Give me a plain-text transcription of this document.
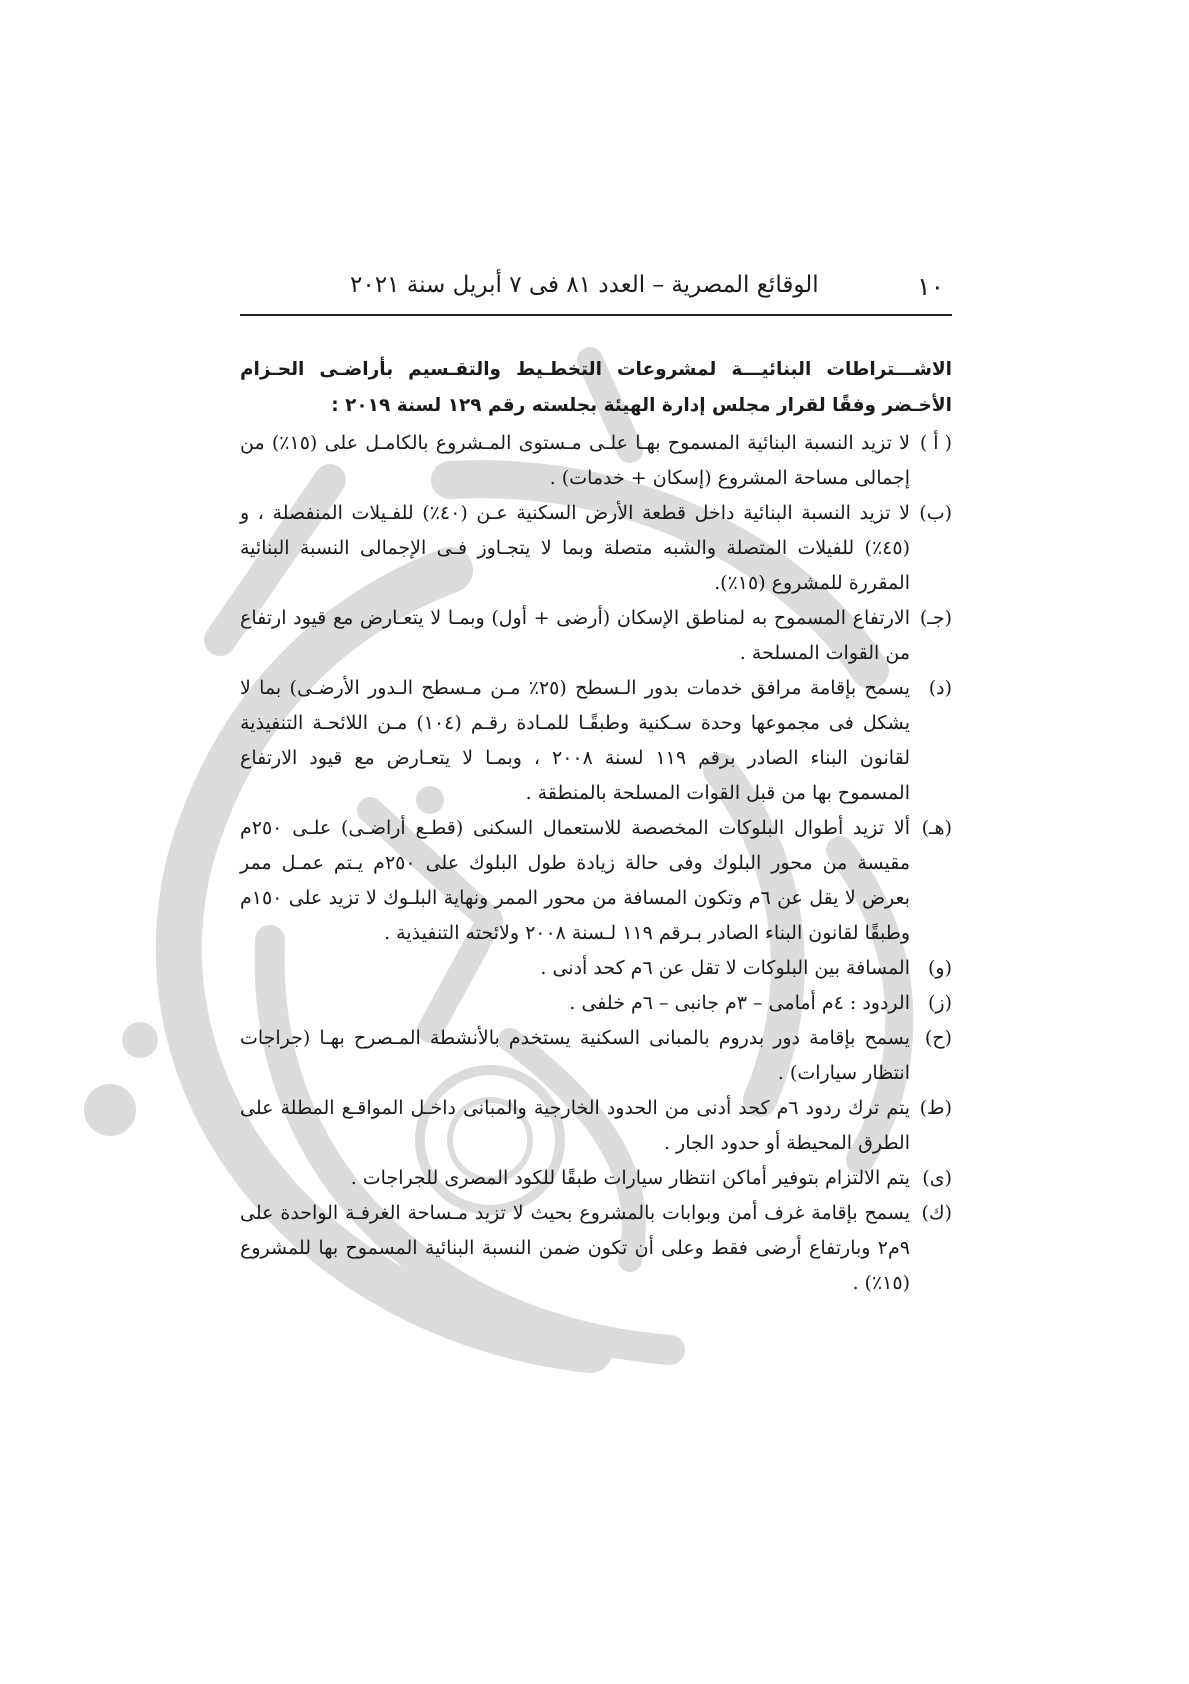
١٠
الوقائع المصرية – العدد ٨١ فى ٧ أبريل سنة ٢٠٢١

الاشـــتراطات البنائيـــة لمشروعات التخطـيط والتقـسيم بأراضـى الحـزام الأخـضر وفقًا لقرار مجلس إدارة الهيئة بجلسته رقم ١٢٩ لسنة ٢٠١٩ :

( أ )
لا تزيد النسبة البنائية المسموح بهـا علـى مـستوى المـشروع بالكامـل على (١٥٪) من إجمالى مساحة المشروع (إسكان + خدمات) .
(ب)
لا تزيد النسبة البنائية داخل قطعة الأرض السكنية عـن (٤٠٪) للفـيلات المنفصلة ، و (٤٥٪) للفيلات المتصلة والشبه متصلة وبما لا يتجـاوز فـى الإجمالى النسبة البنائية المقررة للمشروع (١٥٪).
(جـ)
الارتفاع المسموح به لمناطق الإسكان (أرضى + أول) وبمـا لا يتعـارض مع قيود ارتفاع من القوات المسلحة .
(د)
يسمح بإقامة مرافق خدمات بدور الـسطح (٢٥٪ مـن مـسطح الـدور الأرضـى) بما لا يشكل فى مجموعها وحدة سـكنية وطبقًـا للمـادة رقـم (١٠٤) مـن اللائحـة التنفيذية لقانون البناء الصادر برقم ١١٩ لسنة ٢٠٠٨ ، وبمـا لا يتعـارض مع قيود الارتفاع المسموح بها من قبل القوات المسلحة بالمنطقة .
(هـ)
ألا تزيد أطوال البلوكات المخصصة للاستعمال السكنى (قطـع أراضـى) علـى ٢٥٠م مقيسة من محور البلوك وفى حالة زيادة طول البلوك على ٢٥٠م يـتم عمـل ممر بعرض لا يقل عن ٦م وتكون المسافة من محور الممر ونهاية البلـوك لا تزيد على ١٥٠م وطبقًا لقانون البناء الصادر بـرقم ١١٩ لـسنة ٢٠٠٨ ولائحته التنفيذية .
(و)
المسافة بين البلوكات لا تقل عن ٦م كحد أدنى .
(ز)
الردود : ٤م أمامى – ٣م جانبى – ٦م خلفى .
(ح)
يسمح بإقامة دور بدروم بالمبانى السكنية يستخدم بالأنشطة المـصرح بهـا (جراجات انتظار سيارات) .
(ط)
يتم ترك ردود ٦م كحد أدنى من الحدود الخارجية والمبانى داخـل المواقـع المطلة على الطرق المحيطة أو حدود الجار .
(ى)
يتم الالتزام بتوفير أماكن انتظار سيارات طبقًا للكود المصرى للجراجات .
(ك)
يسمح بإقامة غرف أمن وبوابات بالمشروع بحيث لا تزيد مـساحة الغرفـة الواحدة على ٩م٢ وبارتفاع أرضى فقط وعلى أن تكون ضمن النسبة البنائية المسموح بها للمشروع (١٥٪) .
